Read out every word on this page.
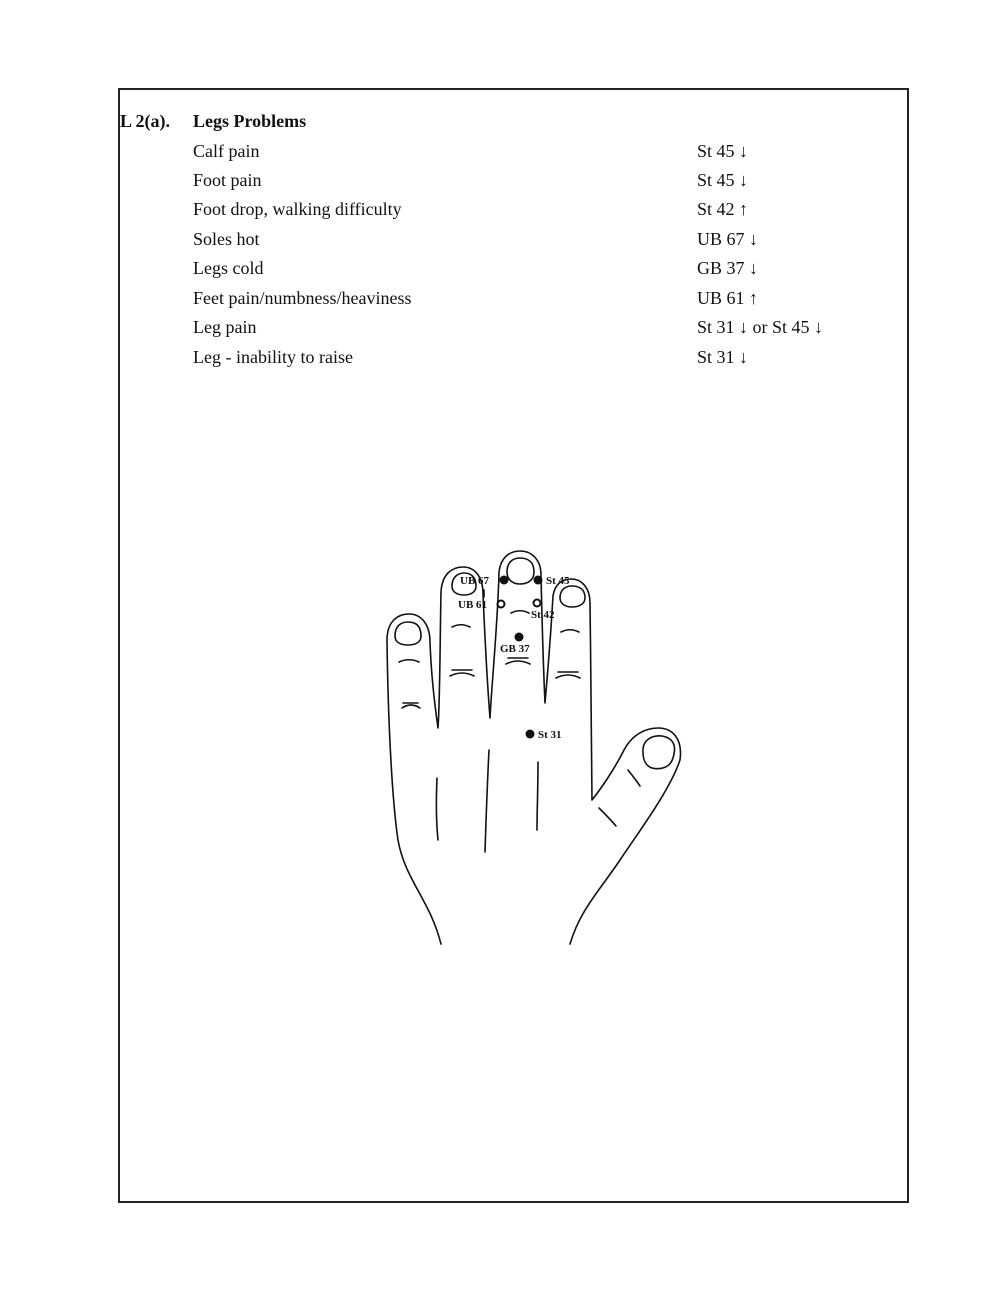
L 2(a). Legs Problems
Calf pain	St 45 ↓
Foot pain	St 45 ↓
Foot drop, walking difficulty	St 42 ↑
Soles hot	UB 67 ↓
Legs cold	GB 37 ↓
Feet pain/numbness/heaviness	UB 61 ↑
Leg pain	St 31 ↓ or St 45 ↓
Leg - inability to raise	St 31 ↓
UB 67	St 45
UB 61
St 42
GB 37
St 31
